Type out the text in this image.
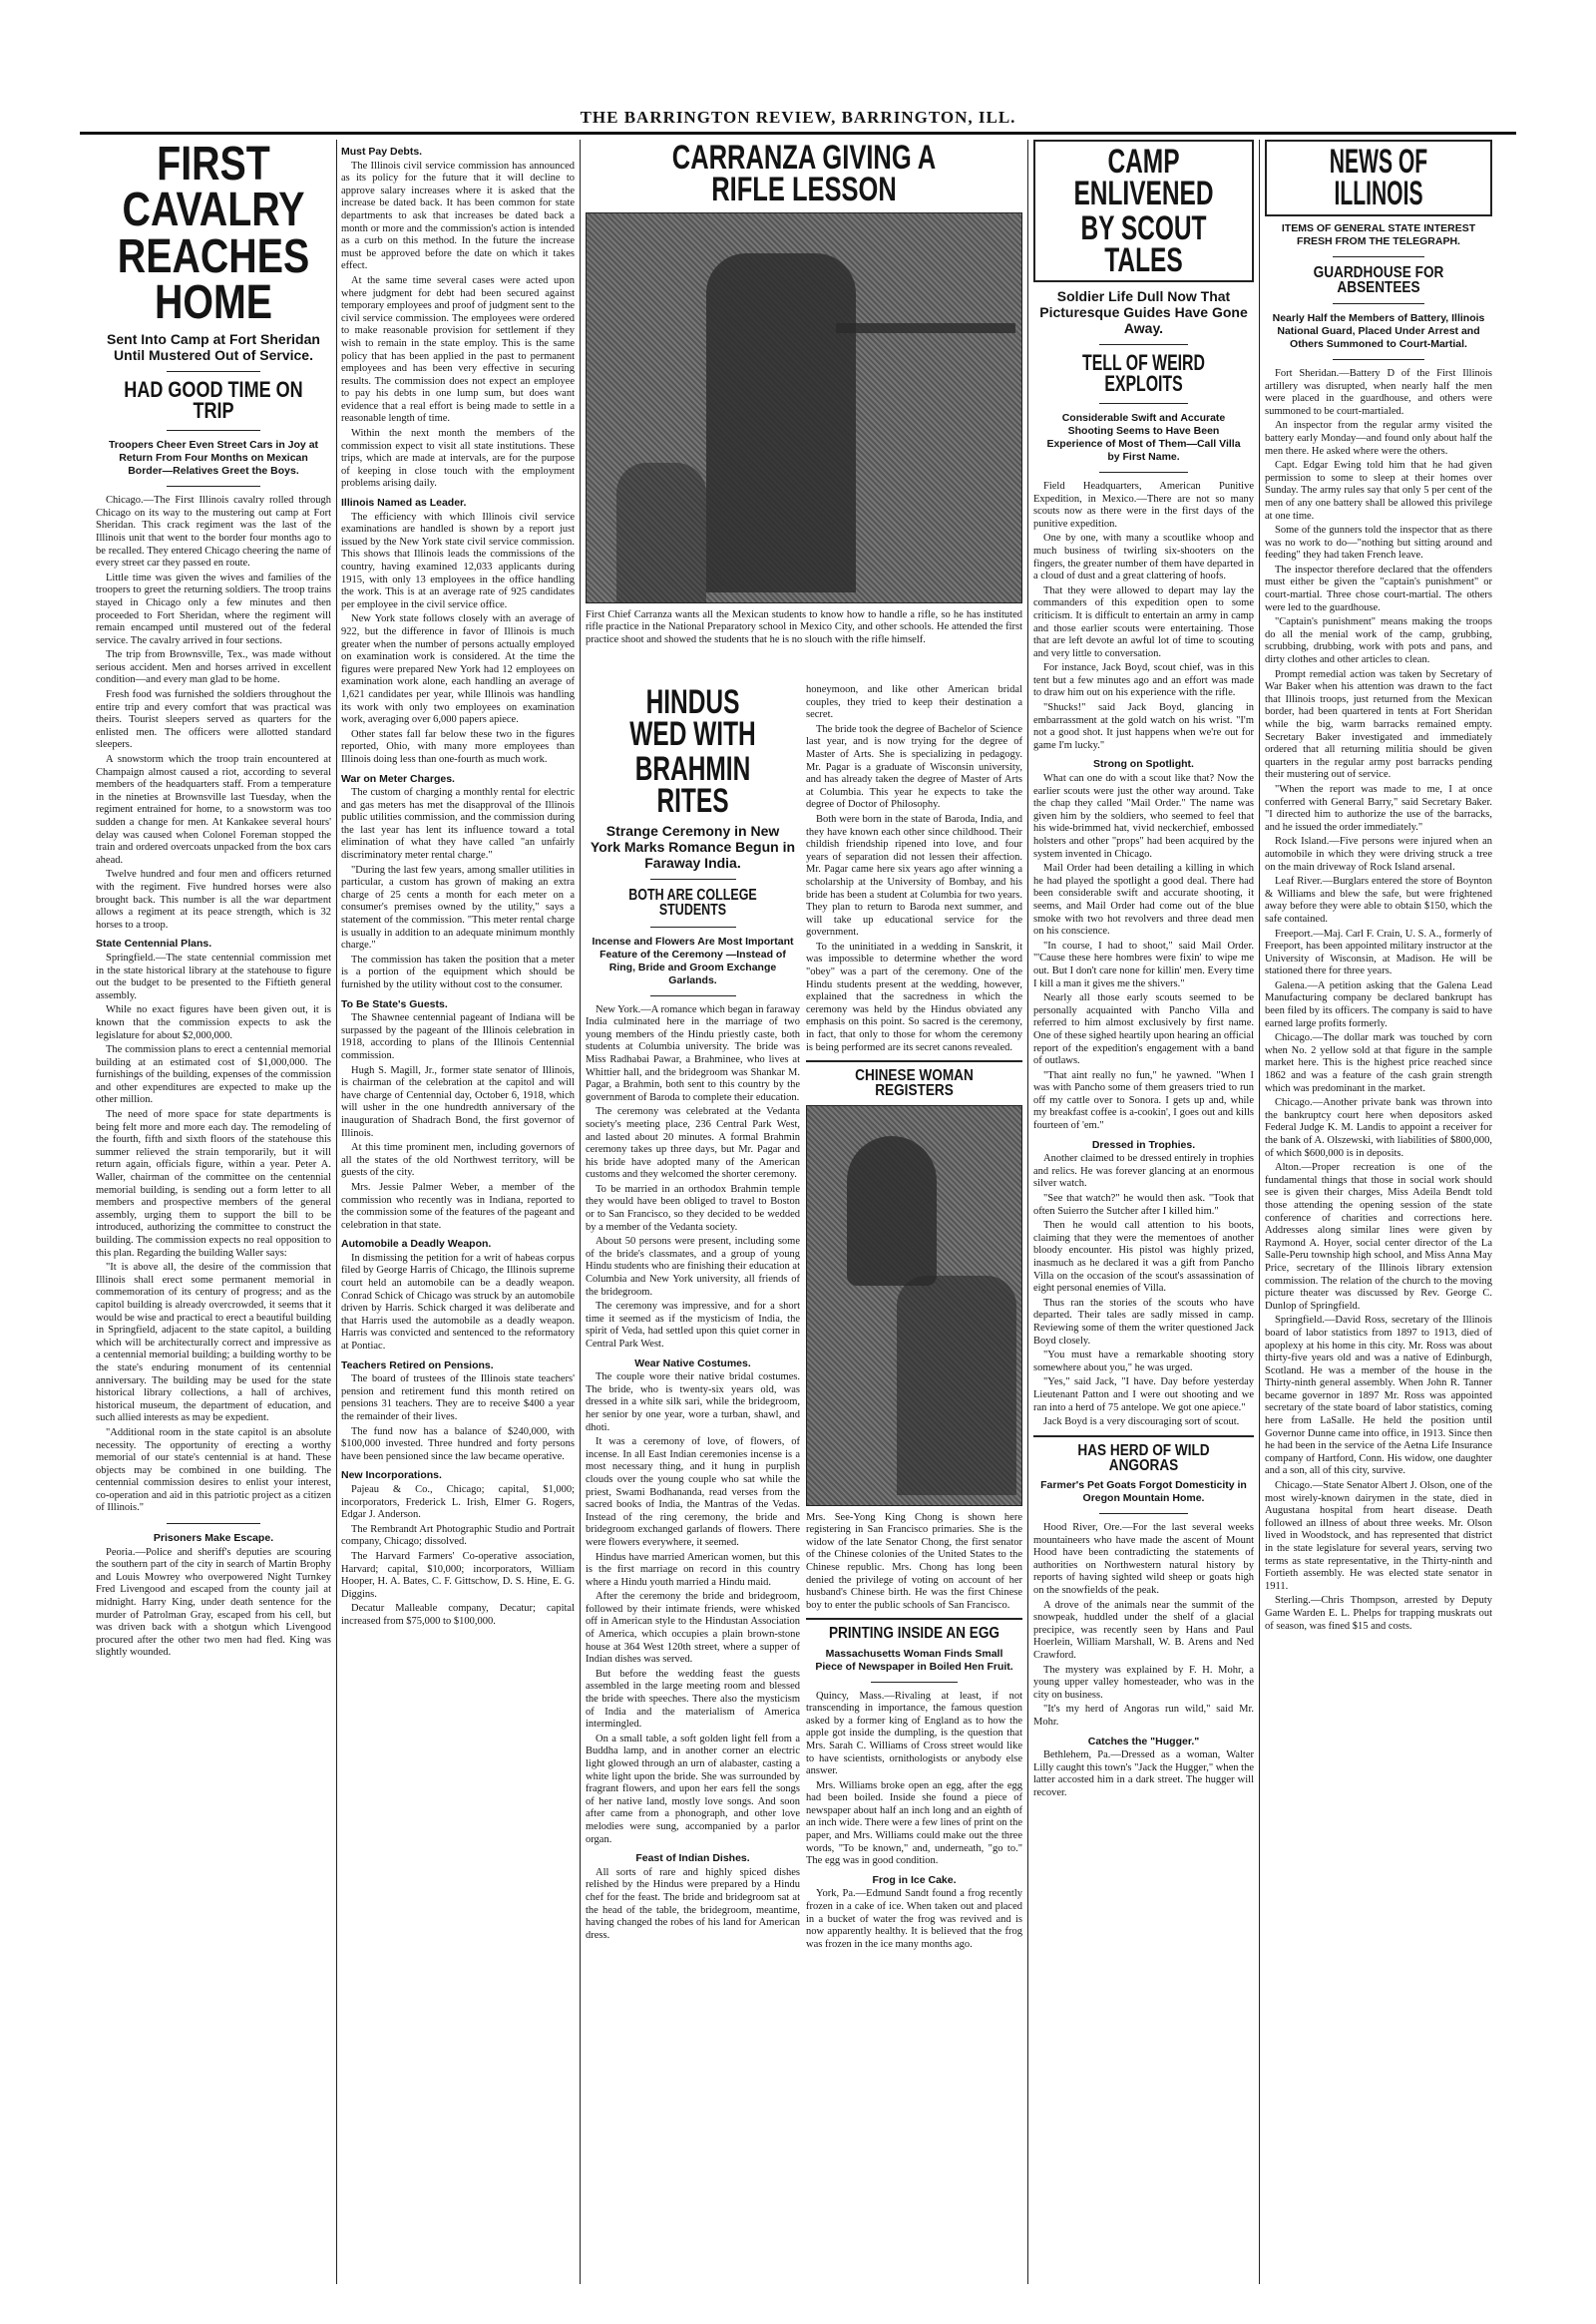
THE BARRINGTON REVIEW, BARRINGTON, ILL.
FIRST CAVALRY
REACHES HOME
Sent Into Camp at Fort Sheridan Until Mustered Out of Service.
HAD GOOD TIME ON TRIP
Troopers Cheer Even Street Cars in Joy at Return From Four Months on Mexican Border—Relatives Greet the Boys.

Chicago.—The First Illinois cavalry rolled through Chicago on its way to the mustering out camp at Fort Sheridan. This crack regiment was the last of the Illinois unit that went to the border four months ago to be recalled. They entered Chicago cheering the name of every street car they passed en route.

Little time was given the wives and families of the troopers to greet the returning soldiers. The troop trains stayed in Chicago only a few minutes and then proceeded to Fort Sheridan, where the regiment will remain encamped until mustered out of the federal service. The cavalry arrived in four sections.

The trip from Brownsville, Tex., was made without serious accident. Men and horses arrived in excellent condition—and every man glad to be home.

Fresh food was furnished the soldiers throughout the entire trip and every comfort that was practical was theirs. Tourist sleepers served as quarters for the enlisted men. The officers were allotted standard sleepers.

A snowstorm which the troop train encountered at Champaign almost caused a riot, according to several members of the headquarters staff. From a temperature in the nineties at Brownsville last Tuesday, when the regiment entrained for home, to a snowstorm was too sudden a change for men. At Kankakee several hours' delay was caused when Colonel Foreman stopped the train and ordered overcoats unpacked from the box cars ahead.

Twelve hundred and four men and officers returned with the regiment. Five hundred horses were also brought back. This number is all the war department allows a regiment at its peace strength, which is 32 horses to a troop.

State Centennial Plans.

Springfield.—The state centennial commission met in the state historical library at the statehouse to figure out the budget to be presented to the Fiftieth general assembly.

While no exact figures have been given out, it is known that the commission expects to ask the legislature for about $2,000,000.

The commission plans to erect a centennial memorial building at an estimated cost of $1,000,000. The furnishings of the building, expenses of the commission and other expenditures are expected to make up the other million.

The need of more space for state departments is being felt more and more each day. The remodeling of the fourth, fifth and sixth floors of the statehouse this summer relieved the strain temporarily, but it will return again, officials figure, within a year. Peter A. Waller, chairman of the committee on the centennial memorial building, is sending out a form letter to all members and prospective members of the general assembly, urging them to support the bill to be introduced, authorizing the committee to construct the building. The commission expects no real opposition to this plan. Regarding the building Waller says:

"It is above all, the desire of the commission that Illinois shall erect some permanent memorial in commemoration of its century of progress; and as the capitol building is already overcrowded, it seems that it would be wise and practical to erect a beautiful building in Springfield, adjacent to the state capitol, a building which will be architecturally correct and impressive as a centennial memorial building; a building worthy to be the state's enduring monument of its centennial anniversary. The building may be used for the state historical library collections, a hall of archives, historical museum, the department of education, and such allied interests as may be expedient.

"Additional room in the state capitol is an absolute necessity. The opportunity of erecting a worthy memorial of our state's centennial is at hand. These objects may be combined in one building. The centennial commission desires to enlist your interest, co-operation and aid in this patriotic project as a citizen of Illinois."

Prisoners Make Escape.

Peoria.—Police and sheriff's deputies are scouring the southern part of the city in search of Martin Brophy and Louis Mowrey who overpowered Night Turnkey Fred Livengood and escaped from the county jail at midnight. Harry King, under death sentence for the murder of Patrolman Gray, escaped from his cell, but was driven back with a shotgun which Livengood procured after the other two men had fled. King was slightly wounded.

Must Pay Debts.

The Illinois civil service commission has announced as its policy for the future that it will decline to approve salary increases where it is asked that the increase be dated back. It has been common for state departments to ask that increases be dated back a month or more and the commission's action is intended as a curb on this method. In the future the increase must be approved before the date on which it takes effect.

At the same time several cases were acted upon where judgment for debt had been secured against temporary employees and proof of judgment sent to the civil service commission. The employees were ordered to make reasonable provision for settlement if they wish to remain in the state employ. This is the same policy that has been applied in the past to permanent employees and has been very effective in securing results. The commission does not expect an employee to pay his debts in one lump sum, but does want evidence that a real effort is being made to settle in a reasonable length of time.

Within the next month the members of the commission expect to visit all state institutions. These trips, which are made at intervals, are for the purpose of keeping in close touch with the employment problems arising daily.

Illinois Named as Leader.

The efficiency with which Illinois civil service examinations are handled is shown by a report just issued by the New York state civil service commission. This shows that Illinois leads the commissions of the country, having examined 12,033 applicants during 1915, with only 13 employees in the office handling the work. This is at an average rate of 925 candidates per employee in the civil service office.

New York state follows closely with an average of 922, but the difference in favor of Illinois is much greater when the number of persons actually employed on examination work is considered. At the time the figures were prepared New York had 12 employees on examination work alone, each handling an average of 1,621 candidates per year, while Illinois was handling its work with only two employees on examination work, averaging over 6,000 papers apiece.

Other states fall far below these two in the figures reported, Ohio, with many more employees than Illinois doing less than one-fourth as much work.

War on Meter Charges.

The custom of charging a monthly rental for electric and gas meters has met the disapproval of the Illinois public utilities commission, and the commission during the last year has lent its influence toward a total elimination of what they have called "an unfairly discriminatory meter rental charge."

"During the last few years, among smaller utilities in particular, a custom has grown of making an extra charge of 25 cents a month for each meter on a consumer's premises owned by the utility," says a statement of the commission. "This meter rental charge is usually in addition to an adequate minimum monthly charge."

The commission has taken the position that a meter is a portion of the equipment which should be furnished by the utility without cost to the consumer.

To Be State's Guests.

The Shawnee centennial pageant of Indiana will be surpassed by the pageant of the Illinois celebration in 1918, according to plans of the Illinois Centennial commission.

Hugh S. Magill, Jr., former state senator of Illinois, is chairman of the celebration at the capitol and will have charge of Centennial day, October 6, 1918, which will usher in the one hundredth anniversary of the inauguration of Shadrach Bond, the first governor of Illinois.

At this time prominent men, including governors of all the states of the old Northwest territory, will be guests of the city.

Mrs. Jessie Palmer Weber, a member of the commission who recently was in Indiana, reported to the commission some of the features of the pageant and celebration in that state.

Automobile a Deadly Weapon.

In dismissing the petition for a writ of habeas corpus filed by George Harris of Chicago, the Illinois supreme court held an automobile can be a deadly weapon. Conrad Schick of Chicago was struck by an automobile driven by Harris. Schick charged it was deliberate and that Harris used the automobile as a deadly weapon. Harris was convicted and sentenced to the reformatory at Pontiac.

Teachers Retired on Pensions.

The board of trustees of the Illinois state teachers' pension and retirement fund this month retired on pensions 31 teachers. They are to receive $400 a year the remainder of their lives.

The fund now has a balance of $240,000, with $100,000 invested. Three hundred and forty persons have been pensioned since the law became operative.

New Incorporations.

Pajeau & Co., Chicago; capital, $1,000; incorporators, Frederick L. Irish, Elmer G. Rogers, Edgar J. Anderson.

The Rembrandt Art Photographic Studio and Portrait company, Chicago; dissolved.

The Harvard Farmers' Co-operative association, Harvard; capital, $10,000; incorporators, William Hooper, H. A. Bates, C. F. Gittschow, D. S. Hine, E. G. Diggins.

Decatur Malleable company, Decatur; capital increased from $75,000 to $100,000.

CARRANZA GIVING A RIFLE LESSON
First Chief Carranza wants all the Mexican students to know how to handle a rifle, so he has instituted rifle practice in the National Preparatory school in Mexico City, and other schools. He attended the first practice shoot and showed the students that he is no slouch with the rifle himself.
HINDUS WED WITH
BRAHMIN RITES
Strange Ceremony in New York Marks Romance Begun in Faraway India.
BOTH ARE COLLEGE STUDENTS
Incense and Flowers Are Most Important Feature of the Ceremony —Instead of Ring, Bride and Groom Exchange Garlands.

New York.—A romance which began in faraway India culminated here in the marriage of two young members of the Hindu priestly caste, both students at Columbia university. The bride was Miss Radhabai Pawar, a Brahminee, who lives at Whittier hall, and the bridegroom was Shankar M. Pagar, a Brahmin, both sent to this country by the government of Baroda to complete their education.

The ceremony was celebrated at the Vedanta society's meeting place, 236 Central Park West, and lasted about 20 minutes. A formal Brahmin ceremony takes up three days, but Mr. Pagar and his bride have adopted many of the American customs and they welcomed the shorter ceremony.

To be married in an orthodox Brahmin temple they would have been obliged to travel to Boston or to San Francisco, so they decided to be wedded by a member of the Vedanta society.

About 50 persons were present, including some of the bride's classmates, and a group of young Hindu students who are finishing their education at Columbia and New York university, all friends of the bridegroom.

The ceremony was impressive, and for a short time it seemed as if the mysticism of India, the spirit of Veda, had settled upon this quiet corner in Central Park West.

Wear Native Costumes.

The couple wore their native bridal costumes. The bride, who is twenty-six years old, was dressed in a white silk sari, while the bridegroom, her senior by one year, wore a turban, shawl, and dhoti.

It was a ceremony of love, of flowers, of incense. In all East Indian ceremonies incense is a most necessary thing, and it hung in purplish clouds over the young couple who sat while the priest, Swami Bodhananda, read verses from the sacred books of India, the Mantras of the Vedas. Instead of the ring ceremony, the bride and bridegroom exchanged garlands of flowers. There were flowers everywhere, it seemed.

Hindus have married American women, but this is the first marriage on record in this country where a Hindu youth married a Hindu maid.

After the ceremony the bride and bridegroom, followed by their intimate friends, were whisked off in American style to the Hindustan Association of America, which occupies a plain brown-stone house at 364 West 120th street, where a supper of Indian dishes was served.

But before the wedding feast the guests assembled in the large meeting room and blessed the bride with speeches. There also the mysticism of India and the materialism of America intermingled.

On a small table, a soft golden light fell from a Buddha lamp, and in another corner an electric light glowed through an urn of alabaster, casting a white light upon the bride. She was surrounded by fragrant flowers, and upon her ears fell the songs of her native land, mostly love songs. And soon after came from a phonograph, and other love melodies were sung, accompanied by a parlor organ.

Feast of Indian Dishes.

All sorts of rare and highly spiced dishes relished by the Hindus were prepared by a Hindu chef for the feast. The bride and bridegroom sat at the head of the table, the bridegroom, meantime, having changed the robes of his land for American dress.

honeymoon, and like other American bridal couples, they tried to keep their destination a secret.

The bride took the degree of Bachelor of Science last year, and is now trying for the degree of Master of Arts. She is specializing in pedagogy. Mr. Pagar is a graduate of Wisconsin university, and has already taken the degree of Master of Arts at Columbia. This year he expects to take the degree of Doctor of Philosophy.

Both were born in the state of Baroda, India, and they have known each other since childhood. Their childish friendship ripened into love, and four years of separation did not lessen their affection. Mr. Pagar came here six years ago after winning a scholarship at the University of Bombay, and his bride has been a student at Columbia for two years. They plan to return to Baroda next summer, and will take up educational service for the government.

To the uninitiated in a wedding in Sanskrit, it was impossible to determine whether the word "obey" was a part of the ceremony. One of the Hindu students present at the wedding, however, explained that the sacredness in which the ceremony was held by the Hindus obviated any emphasis on this point. So sacred is the ceremony, in fact, that only to those for whom the ceremony is being performed are its secret canons revealed.

CHINESE WOMAN REGISTERS
Mrs. See-Yong King Chong is shown here registering in San Francisco primaries. She is the widow of the late Senator Chong, the first senator of the Chinese colonies of the United States to the Chinese republic. Mrs. Chong has long been denied the privilege of voting on account of her husband's Chinese birth. He was the first Chinese boy to enter the public schools of San Francisco.
PRINTING INSIDE AN EGG
Massachusetts Woman Finds Small Piece of Newspaper in Boiled Hen Fruit.

Quincy, Mass.—Rivaling at least, if not transcending in importance, the famous question asked by a former king of England as to how the apple got inside the dumpling, is the question that Mrs. Sarah C. Williams of Cross street would like to have scientists, ornithologists or anybody else answer.

Mrs. Williams broke open an egg, after the egg had been boiled. Inside she found a piece of newspaper about half an inch long and an eighth of an inch wide. There were a few lines of print on the paper, and Mrs. Williams could make out the three words, "To be known," and, underneath, "go to." The egg was in good condition.

Frog in Ice Cake.

York, Pa.—Edmund Sandt found a frog recently frozen in a cake of ice. When taken out and placed in a bucket of water the frog was revived and is now apparently healthy. It is believed that the frog was frozen in the ice many months ago.

CAMP ENLIVENED
BY SCOUT TALES
Soldier Life Dull Now That Picturesque Guides Have Gone Away.
TELL OF WEIRD EXPLOITS
Considerable Swift and Accurate Shooting Seems to Have Been Experience of Most of Them—Call Villa by First Name.

Field Headquarters, American Punitive Expedition, in Mexico.—There are not so many scouts now as there were in the first days of the punitive expedition.

One by one, with many a scoutlike whoop and much business of twirling six-shooters on the fingers, the greater number of them have departed in a cloud of dust and a great clattering of hoofs.

That they were allowed to depart may lay the commanders of this expedition open to some criticism. It is difficult to entertain an army in camp and those earlier scouts were entertaining. Those that are left devote an awful lot of time to scouting and very little to conversation.

For instance, Jack Boyd, scout chief, was in this tent but a few minutes ago and an effort was made to draw him out on his experience with the rifle.

"Shucks!" said Jack Boyd, glancing in embarrassment at the gold watch on his wrist. "I'm not a good shot. It just happens when we're out for game I'm lucky."

Strong on Spotlight.

What can one do with a scout like that? Now the earlier scouts were just the other way around. Take the chap they called "Mail Order." The name was given him by the soldiers, who seemed to feel that his wide-brimmed hat, vivid neckerchief, embossed holsters and other "props" had been acquired by the system invented in Chicago.

Mail Order had been detailing a killing in which he had played the spotlight a good deal. There had been considerable swift and accurate shooting, it seems, and Mail Order had come out of the blue smoke with two hot revolvers and three dead men on his conscience.

"In course, I had to shoot," said Mail Order. "'Cause these here hombres were fixin' to wipe me out. But I don't care none for killin' men. Every time I kill a man it gives me the shivers."

Nearly all those early scouts seemed to be personally acquainted with Pancho Villa and referred to him almost exclusively by first name. One of these sighed heartily upon hearing an official report of the expedition's engagement with a band of outlaws.

"That aint really no fun," he yawned. "When I was with Pancho some of them greasers tried to run off my cattle over to Sonora. I gets up and, while my breakfast coffee is a-cookin', I goes out and kills fourteen of 'em."

Dressed in Trophies.

Another claimed to be dressed entirely in trophies and relics. He was forever glancing at an enormous silver watch.

"See that watch?" he would then ask. "Took that often Suierro the Sutcher after I killed him."

Then he would call attention to his boots, claiming that they were the mementoes of another bloody encounter. His pistol was highly prized, inasmuch as he declared it was a gift from Pancho Villa on the occasion of the scout's assassination of eight personal enemies of Villa.

Thus ran the stories of the scouts who have departed. Their tales are sadly missed in camp. Reviewing some of them the writer questioned Jack Boyd closely.

"You must have a remarkable shooting story somewhere about you," he was urged.

"Yes," said Jack, "I have. Day before yesterday Lieutenant Patton and I were out shooting and we ran into a herd of 75 antelope. We got one apiece."

Jack Boyd is a very discouraging sort of scout.

HAS HERD OF WILD ANGORAS
Farmer's Pet Goats Forgot Domesticity in Oregon Mountain Home.

Hood River, Ore.—For the last several weeks mountaineers who have made the ascent of Mount Hood have been contradicting the statements of authorities on Northwestern natural history by reports of having sighted wild sheep or goats high on the snowfields of the peak.

A drove of the animals near the summit of the snowpeak, huddled under the shelf of a glacial precipice, was recently seen by Hans and Paul Hoerlein, William Marshall, W. B. Arens and Ned Crawford.

The mystery was explained by F. H. Mohr, a young upper valley homesteader, who was in the city on business.

"It's my herd of Angoras run wild," said Mr. Mohr.

Catches the "Hugger."

Bethlehem, Pa.—Dressed as a woman, Walter Lilly caught this town's "Jack the Hugger," when the latter accosted him in a dark street. The hugger will recover.

NEWS OF ILLINOIS
ITEMS OF GENERAL STATE INTEREST FRESH FROM THE TELEGRAPH.
GUARDHOUSE FOR ABSENTEES
Nearly Half the Members of Battery, Illinois National Guard, Placed Under Arrest and Others Summoned to Court-Martial.

Fort Sheridan.—Battery D of the First Illinois artillery was disrupted, when nearly half the men were placed in the guardhouse, and others were summoned to be court-martialed.

An inspector from the regular army visited the battery early Monday—and found only about half the men there. He asked where were the others.

Capt. Edgar Ewing told him that he had given permission to some to sleep at their homes over Sunday. The army rules say that only 5 per cent of the men of any one battery shall be allowed this privilege at one time.

Some of the gunners told the inspector that as there was no work to do—"nothing but sitting around and feeding" they had taken French leave.

The inspector therefore declared that the offenders must either be given the "captain's punishment" or court-martial. Three chose court-martial. The others were led to the guardhouse.

"Captain's punishment" means making the troops do all the menial work of the camp, grubbing, scrubbing, drubbing, work with pots and pans, and dirty clothes and other articles to clean.

Prompt remedial action was taken by Secretary of War Baker when his attention was drawn to the fact that Illinois troops, just returned from the Mexican border, had been quartered in tents at Fort Sheridan while the big, warm barracks remained empty. Secretary Baker investigated and immediately ordered that all returning militia should be given quarters in the regular army post barracks pending their mustering out of service.

"When the report was made to me, I at once conferred with General Barry," said Secretary Baker. "I directed him to authorize the use of the barracks, and he issued the order immediately."

Rock Island.—Five persons were injured when an automobile in which they were driving struck a tree on the main driveway of Rock Island arsenal.

Leaf River.—Burglars entered the store of Boynton & Williams and blew the safe, but were frightened away before they were able to obtain $150, which the safe contained.

Freeport.—Maj. Carl F. Crain, U. S. A., formerly of Freeport, has been appointed military instructor at the University of Wisconsin, at Madison. He will be stationed there for three years.

Galena.—A petition asking that the Galena Lead Manufacturing company be declared bankrupt has been filed by its officers. The company is said to have earned large profits formerly.

Chicago.—The dollar mark was touched by corn when No. 2 yellow sold at that figure in the sample market here. This is the highest price reached since 1862 and was a feature of the cash grain strength which was predominant in the market.

Chicago.—Another private bank was thrown into the bankruptcy court here when depositors asked Federal Judge K. M. Landis to appoint a receiver for the bank of A. Olszewski, with liabilities of $800,000, of which $600,000 is in deposits.

Alton.—Proper recreation is one of the fundamental things that those in social work should see is given their charges, Miss Adeila Bendt told those attending the opening session of the state conference of charities and corrections here. Addresses along similar lines were given by Raymond A. Hoyer, social center director of the La Salle-Peru township high school, and Miss Anna May Price, secretary of the Illinois library extension commission. The relation of the church to the moving picture theater was discussed by Rev. George C. Dunlop of Springfield.

Springfield.—David Ross, secretary of the Illinois board of labor statistics from 1897 to 1913, died of apoplexy at his home in this city. Mr. Ross was about thirty-five years old and was a native of Edinburgh, Scotland. He was a member of the house in the Thirty-ninth general assembly. When John R. Tanner became governor in 1897 Mr. Ross was appointed secretary of the state board of labor statistics, coming here from LaSalle. He held the position until Governor Dunne came into office, in 1913. Since then he had been in the service of the Aetna Life Insurance company of Hartford, Conn. His widow, one daughter and a son, all of this city, survive.

Chicago.—State Senator Albert J. Olson, one of the most wirely-known dairymen in the state, died in Augustana hospital from heart disease. Death followed an illness of about three weeks. Mr. Olson lived in Woodstock, and has represented that district in the state legislature for several years, serving two terms as state representative, in the Thirty-ninth and Fortieth assembly. He was elected state senator in 1911.

Sterling.—Chris Thompson, arrested by Deputy Game Warden E. L. Phelps for trapping muskrats out of season, was fined $15 and costs.
